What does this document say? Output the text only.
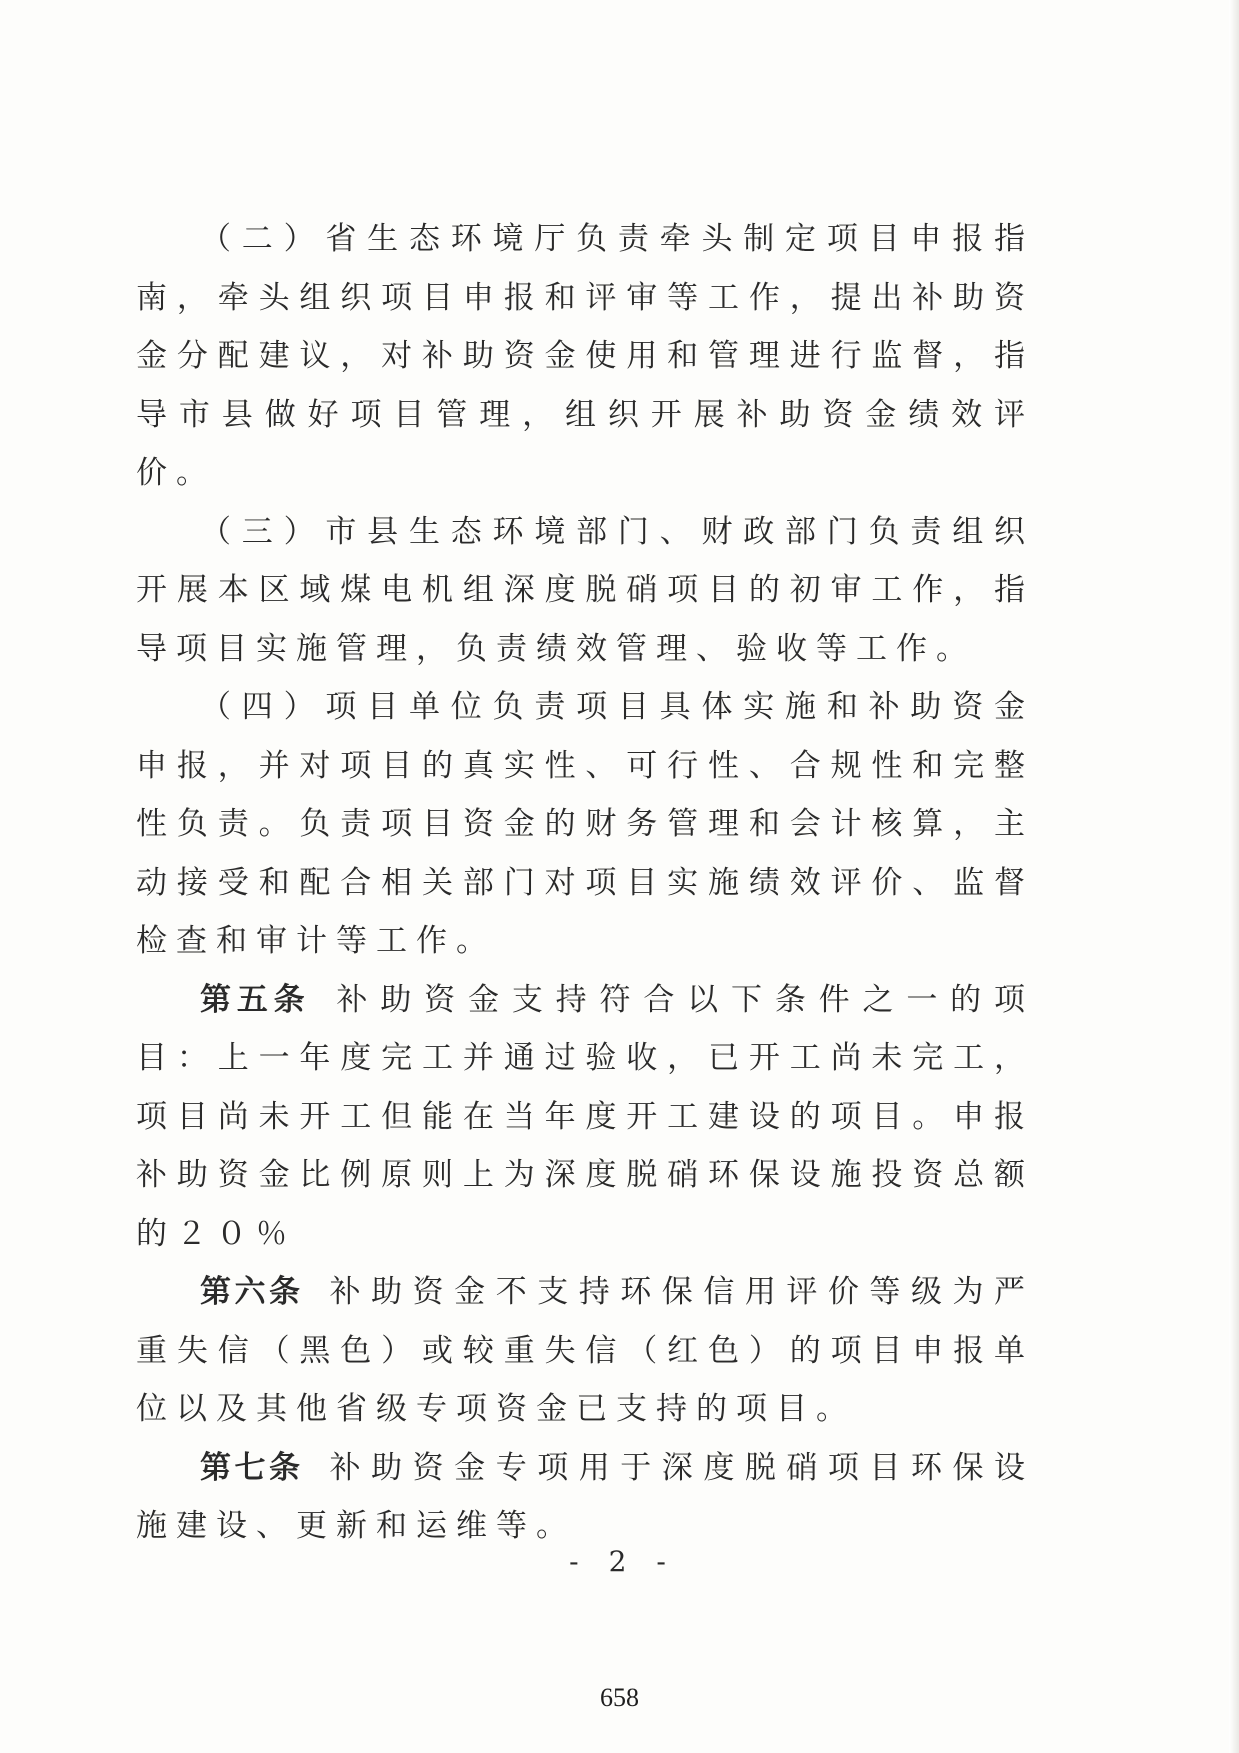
（二）省生态环境厅负责牵头制定项目申报指南，牵头组织项目申报和评审等工作，提出补助资金分配建议，对补助资金使用和管理进行监督，指导市县做好项目管理，组织开展补助资金绩效评价。

（三）市县生态环境部门、财政部门负责组织开展本区域煤电机组深度脱硝项目的初审工作，指导项目实施管理，负责绩效管理、验收等工作。

（四）项目单位负责项目具体实施和补助资金申报，并对项目的真实性、可行性、合规性和完整性负责。负责项目资金的财务管理和会计核算，主动接受和配合相关部门对项目实施绩效评价、监督检查和审计等工作。

第五条 补助资金支持符合以下条件之一的项目：上一年度完工并通过验收，已开工尚未完工，项目尚未开工但能在当年度开工建设的项目。申报补助资金比例原则上为深度脱硝环保设施投资总额的２０％

第六条 补助资金不支持环保信用评价等级为严重失信（黑色）或较重失信（红色）的项目申报单位以及其他省级专项资金已支持的项目。

第七条 补助资金专项用于深度脱硝项目环保设施建设、更新和运维等。

- 2 -
658
